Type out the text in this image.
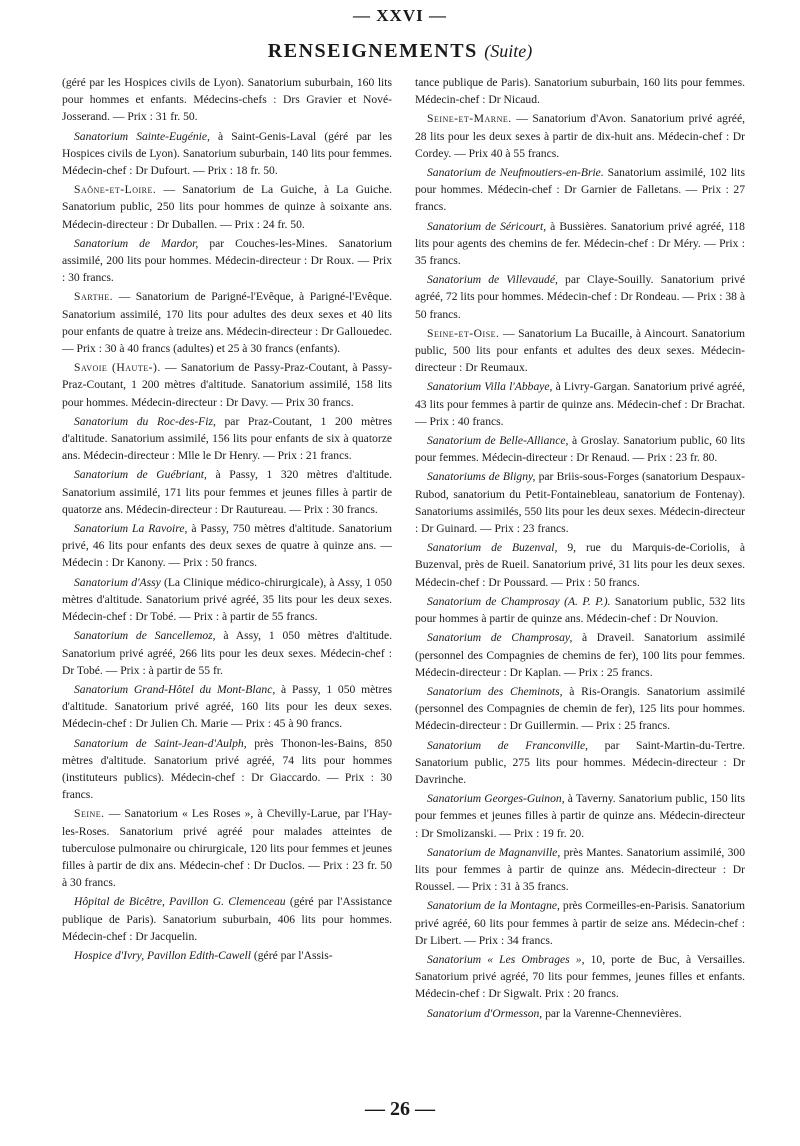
— XXVI —
RENSEIGNEMENTS (Suite)

(géré par les Hospices civils de Lyon). Sanatorium suburbain, 160 lits pour hommes et enfants. Médecins-chefs : Drs Gravier et Nové-Josserand. — Prix : 31 fr. 50.

Sanatorium Sainte-Eugénie, à Saint-Genis-Laval (géré par les Hospices civils de Lyon). Sanatorium suburbain, 140 lits pour femmes. Médecin-chef : Dr Dufourt. — Prix : 18 fr. 50.

Saône-et-Loire. — Sanatorium de La Guiche, à La Guiche. Sanatorium public, 250 lits pour hommes de quinze à soixante ans. Médecin-directeur : Dr Duballen. — Prix : 24 fr. 50.

Sanatorium de Mardor, par Couches-les-Mines. Sanatorium assimilé, 200 lits pour hommes. Médecin-directeur : Dr Roux. — Prix : 30 francs.

Sarthe. — Sanatorium de Parigné-l'Evêque, à Parigné-l'Evêque. Sanatorium assimilé, 170 lits pour adultes des deux sexes et 40 lits pour enfants de quatre à treize ans. Médecin-directeur : Dr Gallouedec. — Prix : 30 à 40 francs (adultes) et 25 à 30 francs (enfants).

Savoie (Haute-). — Sanatorium de Passy-Praz-Coutant, à Passy-Praz-Coutant, 1 200 mètres d'altitude. Sanatorium assimilé, 158 lits pour hommes. Médecin-directeur : Dr Davy. — Prix 30 francs.

Sanatorium du Roc-des-Fiz, par Praz-Coutant, 1 200 mètres d'altitude. Sanatorium assimilé, 156 lits pour enfants de six à quatorze ans. Médecin-directeur : Mlle le Dr Henry. — Prix : 21 francs.

Sanatorium de Guébriant, à Passy, 1 320 mètres d'altitude. Sanatorium assimilé, 171 lits pour femmes et jeunes filles à partir de quatorze ans. Médecin-directeur : Dr Rautureau. — Prix : 30 francs.

Sanatorium La Ravoire, à Passy, 750 mètres d'altitude. Sanatorium privé, 46 lits pour enfants des deux sexes de quatre à quinze ans. — Médecin : Dr Kanony. — Prix : 50 francs.

Sanatorium d'Assy (La Clinique médico-chirurgicale), à Assy, 1 050 mètres d'altitude. Sanatorium privé agréé, 35 lits pour les deux sexes. Médecin-chef : Dr Tobé. — Prix : à partir de 55 francs.

Sanatorium de Sancellemoz, à Assy, 1 050 mètres d'altitude. Sanatorium privé agréé, 266 lits pour les deux sexes. Médecin-chef : Dr Tobé. — Prix : à partir de 55 fr.

Sanatorium Grand-Hôtel du Mont-Blanc, à Passy, 1 050 mètres d'altitude. Sanatorium privé agréé, 160 lits pour les deux sexes. Médecin-chef : Dr Julien Ch. Marie — Prix : 45 à 90 francs.

Sanatorium de Saint-Jean-d'Aulph, près Thonon-les-Bains, 850 mètres d'altitude. Sanatorium privé agréé, 74 lits pour hommes (instituteurs publics). Médecin-chef : Dr Giaccardo. — Prix : 30 francs.

Seine. — Sanatorium « Les Roses », à Chevilly-Larue, par l'Hay-les-Roses. Sanatorium privé agréé pour malades atteintes de tuberculose pulmonaire ou chirurgicale, 120 lits pour femmes et jeunes filles à partir de dix ans. Médecin-chef : Dr Duclos. — Prix : 23 fr. 50 à 30 francs.

Hôpital de Bicêtre, Pavillon G. Clemenceau (géré par l'Assistance publique de Paris). Sanatorium suburbain, 406 lits pour hommes. Médecin-chef : Dr Jacquelin.

Hospice d'Ivry, Pavillon Edith-Cawell (géré par l'Assis-

tance publique de Paris). Sanatorium suburbain, 160 lits pour femmes. Médecin-chef : Dr Nicaud.

Seine-et-Marne. — Sanatorium d'Avon. Sanatorium privé agréé, 28 lits pour les deux sexes à partir de dix-huit ans. Médecin-chef : Dr Cordey. — Prix 40 à 55 francs.

Sanatorium de Neufmoutiers-en-Brie. Sanatorium assimilé, 102 lits pour hommes. Médecin-chef : Dr Garnier de Falletans. — Prix : 27 francs.

Sanatorium de Séricourt, à Bussières. Sanatorium privé agréé, 118 lits pour agents des chemins de fer. Médecin-chef : Dr Méry. — Prix : 35 francs.

Sanatorium de Villevaudé, par Claye-Souilly. Sanatorium privé agréé, 72 lits pour hommes. Médecin-chef : Dr Rondeau. — Prix : 38 à 50 francs.

Seine-et-Oise. — Sanatorium La Bucaille, à Aincourt. Sanatorium public, 500 lits pour enfants et adultes des deux sexes. Médecin-directeur : Dr Reumaux.

Sanatorium Villa l'Abbaye, à Livry-Gargan. Sanatorium privé agréé, 43 lits pour femmes à partir de quinze ans. Médecin-chef : Dr Brachat. — Prix : 40 francs.

Sanatorium de Belle-Alliance, à Groslay. Sanatorium public, 60 lits pour femmes. Médecin-directeur : Dr Renaud. — Prix : 23 fr. 80.

Sanatoriums de Bligny, par Briis-sous-Forges (sanatorium Despaux-Rubod, sanatorium du Petit-Fontainebleau, sanatorium de Fontenay). Sanatoriums assimilés, 550 lits pour les deux sexes. Médecin-directeur : Dr Guinard. — Prix : 23 francs.

Sanatorium de Buzenval, 9, rue du Marquis-de-Coriolis, à Buzenval, près de Rueil. Sanatorium privé, 31 lits pour les deux sexes. Médecin-chef : Dr Poussard. — Prix : 50 francs.

Sanatorium de Champrosay (A. P. P.). Sanatorium public, 532 lits pour hommes à partir de quinze ans. Médecin-chef : Dr Nouvion.

Sanatorium de Champrosay, à Draveil. Sanatorium assimilé (personnel des Compagnies de chemins de fer), 100 lits pour femmes. Médecin-directeur : Dr Kaplan. — Prix : 25 francs.

Sanatorium des Cheminots, à Ris-Orangis. Sanatorium assimilé (personnel des Compagnies de chemin de fer), 125 lits pour hommes. Médecin-directeur : Dr Guillermin. — Prix : 25 francs.

Sanatorium de Franconville, par Saint-Martin-du-Tertre. Sanatorium public, 275 lits pour hommes. Médecin-directeur : Dr Davrinche.

Sanatorium Georges-Guinon, à Taverny. Sanatorium public, 150 lits pour femmes et jeunes filles à partir de quinze ans. Médecin-directeur : Dr Smolizanski. — Prix : 19 fr. 20.

Sanatorium de Magnanville, près Mantes. Sanatorium assimilé, 300 lits pour femmes à partir de quinze ans. Médecin-directeur : Dr Roussel. — Prix : 31 à 35 francs.

Sanatorium de la Montagne, près Cormeilles-en-Parisis. Sanatorium privé agréé, 60 lits pour femmes à partir de seize ans. Médecin-chef : Dr Libert. — Prix : 34 francs.

Sanatorium « Les Ombrages », 10, porte de Buc, à Versailles. Sanatorium privé agréé, 70 lits pour femmes, jeunes filles et enfants. Médecin-chef : Dr Sigwalt. Prix : 20 francs.

Sanatorium d'Ormesson, par la Varenne-Chennevières.

— 26 —
